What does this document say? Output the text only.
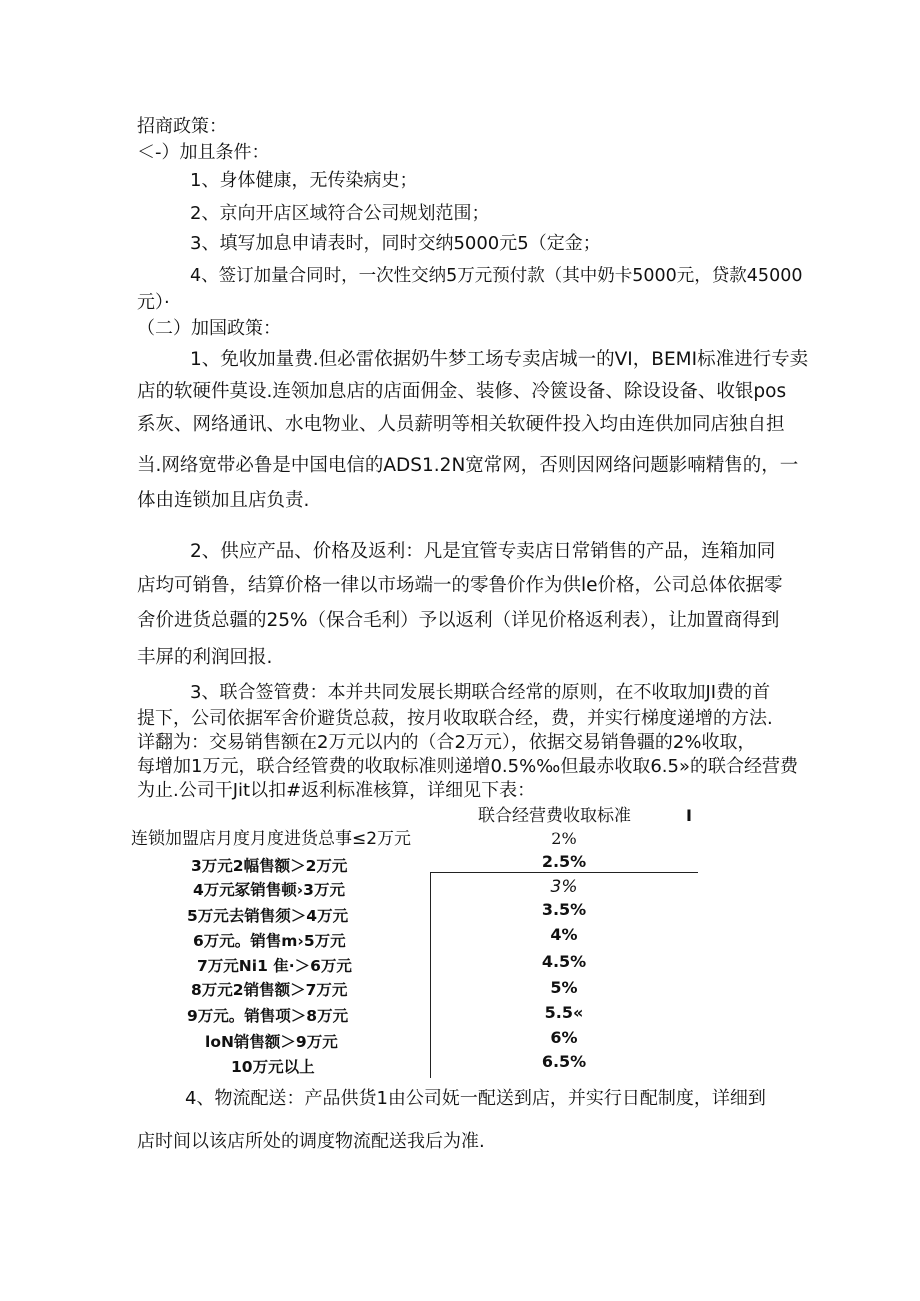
招商政策：
＜-）加且条件：
1、身体健康，无传染病史；
2、京向开店区域符合公司规划范围；
3、填写加息申请表时，同时交纳5000元5（定金；
4、签订加量合同时，一次性交纳5万元预付款（其中奶卡5000元，贷款45000
元）·
（二）加国政策：
1、免收加量费.但必雷依据奶牛梦工场专卖店城一的VI，BEMI标准进行专卖
店的软硬件莫设.连领加息店的店面佣金、装修、冷篋设备、除设设备、收银pos
系灰、网络通讯、水电物业、人员薪明等相关软硬件投入均由连供加同店独自担
当.网络宽带必鲁是中国电信的ADS1.2N宽常网，否则因网络问题影喃精售的，一
体由连锁加且店负责.
2、供应产品、价格及返利：凡是宜管专卖店日常销售的产品，连箱加同
店均可销鲁，结算价格一律以市场端一的零鲁价作为供le价格，公司总体依据零
舍价进货总疆的25%（保合毛利）予以返利（详见价格返利表），让加置商得到
丰屏的利润回报.
3、联合签管费：本并共同发展长期联合经常的原则，在不收取加JI费的首
提下，公司依据军舍价避货总菽，按月收取联合经，费，并实行梯度递增的方法.
详翻为：交易销售额在2万元以内的（合2万元），依据交易销鲁疆的2%收取，
每增加1万元，联合经管费的收取标准则递增0.5%‰但最赤收取6.5»的联合经营费
为止.公司干Jit以扣#返利标准核算，详细见下表：
联合经营费收取标准	I
连锁加盟店月度月度进货总事≤2万元	2%
3万元2幅售额＞2万元	2.5%
4万元冢销售顿›3万元	3%
5万元去销售须＞4万元	3.5%
6万元。销售m›5万元	4%
7万元Ni1 隹·＞6万元	4.5%
8万元2销售额＞7万元	5%
9万元。销售项＞8万元	5.5«
loN销售额＞9万元	6%
10万元以上	6.5%
4、物流配送：产品供货1由公司妩一配送到店，并实行日配制度，详细到
店时间以该店所处的调度物流配送我后为准.
